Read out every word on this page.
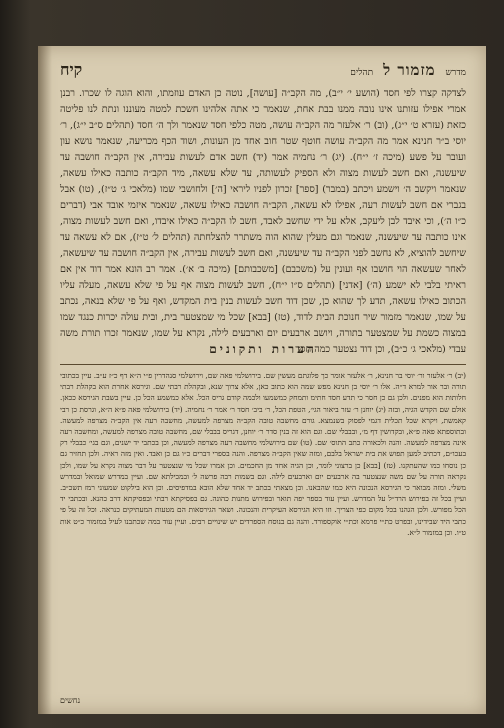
מדרש
מזמור ל
תהלים
קיח
לצדקה קצרו לפי חסד (הושע י׳ י״ב), מה הקב״ה [עושה], נוטה כן האדם עוזמתו, והוא הוגה לו שכרו. רבנן אמרי אפילו עזותנו אינו נובה ממנו בבת אחת, שנאמר כי אתה אלהינו חשכת למטה מעוננו ונתת לנו פליטה כזאת (עזרא ט׳ י״ג), (וב) ר׳ אלעזר מה הקב״ה עושה, מטה כלפי חסד שנאמר ולך ה׳ חסד (תהלים ס״ב י״ג), ר׳ יוסי ב״ר חנינא אמר מה הקב״ה עושה חוטף שטר חוב אחד מן העונות, ושוד הכף מכריעה, שנאמר נושא עון ועובר על פשע (מיכה ז׳ י״ח). (יג) ר׳ נחמיה אמר (יד) חשב אדם לעשות עבירה, אין הקב״ה חושבה עד שיעשנה, ואם חשב לעשות מצוה ולא הספיק לעשותה, עד שלא עשאה, מיד הקב״ה כותבה כאילו עשאה, שנאמר ויקשב ה׳ וישמע ויכתב (במבר) [ספר] זכרון לפניו ליראי [ה׳] ולחושבי שמו (מלאכי ג׳ ט״ז), (טו) אבל בגברי אם חשב לעשות רעה, אפילו לא עשאה, הקב״ה חושבה כאילו עשאה, שנאמר איזמי אובד אבי (דברים כ״ו ה׳), וכי איבד לבן ליעקב, אלא על ידי שחשב לאבד, חשב לו הקב״ה כאילו איבדו, ואם חשב לעשות מצוה, אינו כותבה עד שיעשנה, שנאמר וגם מעלין שהוא הוה משתרר להצלחתה (תהלים ל׳ ט״ז), אם לא עשאה עד שיחשב להוציא, לא נחשב לפני הקב״ה עד שיעשנה, ואם חשב לעשות עבירה, אין הקב״ה חושבה עד שיעשאה, לאחר שעשאה הוי חושבו אף ועונין על (משכבם) [משכבותם] (מיכה ב׳ א׳). אמר רב הונא אמר דוד אין אם ראיתי בלבי לא ישמע (ה׳) [אדני] (תהלים ס״ו י״ח), חשב לעשות מצוה אף על פי שלא עשאה, מעלה עליו הכתוב כאילו עשאה, תדע לך שהוא כן, שכן דוד חשב לעשות בנין בית המקדש, ואף על פי שלא בנאה, נכתב על שמו, שנאמר מזמור שיר חנוכת הבית לדוד, (טז) [בבא] שכל מי שמצטער בית, ובית עולה יכרות כנגד שמו במצוה כשמת על שמצטער בתורה, ויושב ארבעים יום וארבעים לילה, נקרא על שמו, שנאמר זכרו תורת משה עבדי (מלאכי ג׳ כ״ב), וכן דוד נצטער כמה חסד
הערות ותקונים
(יב) ר׳ אלעזר ור׳ יוסי בר חנינא, ר׳ אלעזר אומר כך פלוגתם מעשין שם. בירושלמי פאה שם, וירושלמי סנהדרין פ״י ה״א דף כ״ז ע״ב. עיין בכתובי תורה ובר אור למרא ד״ה. אלו ר׳ יוסי בן חנינא מפש שמה הוא כתוב כאן, אלא צרוך שנא, ובקהלת רבתי שם. וגירסא אחרת הוא בקהלת רבתי חלותות הוא מפנים. ולכן גם כן חסר כי תדע חסד חתימ ותמחק כמשמעו ולכמה קודם גריס הכל. אלא כמשמע הכל כן. עיין בשבת הגירסא ככאן. אולם שם הקדש הגיה, ובזה (יג) יוחנן ר׳ עזר ביאור הגי׳, הטפת הכל, ר׳ ביב׳ חסד ר׳ אמר ר׳ נחמיה. (יד) בירושלמי פאה פ״א ה״א, וגרסת כן רבי קאמשת, ויקרא שכל תכלית דגמי לפסוק בשנמצא. גורם מחשבה טובה הקב״ה מצרפה למעשה, מחשבה רעה אין הקב״ה מצרפה למעשה. ובתוספתא פאה פ״א, ובקדושין דף מ׳, ובבבלי שם. וגם הוא זה בנין סדר ר׳ יוחנן, דגריס בבבלי שם, מחשבה טובה מצרפה למעשה, ומחשבה רעה אינה מצרפה למעשה. והנה ולכאורה כתב התוס׳ שם. (טו) שם בירושלמי מחשבה רעה מצרפה למעשה, וכן בכתבי יד ישנים, וגם בגי׳ כבבלי רק בעכו״ם, דכתיב למען תפוש את בית ישראל בלבם, ומזה שאין הקב״ה מצרפה. והנה בספרי דברים כ״ו גם כן ואבד. ואין מזה ראיה. ולכן תחזיר גם כן נוסחו כמו שהעתקנו. (טז) [בבא] כן ברצוני לומר, וכן הגיה אחד מן החכמים. וכן אמרו שכל מי שנצטער על דבר מצוה נקרא על שמו, ולכן נקראה תורה על שם משה שנצטער בה ארבעים יום וארבעים לילה. וגם בשמות רבה פרשה ל׳ ובמכילתא שם. ועיין במדרש שמואל ובמדרש משלי. ומזה מבואר כי הגירסא הנכונה היא כמו שהבאנו. וכן מצאתי בכתב יד אחד שלא הובא במדפיסים. וכן הוא בילקוט שמעוני רמז תשכ״ב. ועיין בכל זה בפירוש הרד״ל על המדרש. ועיין עוד בספר יפה תואר ובפירוש מתנות כהונה. גם בפסיקתא רבתי ובפסיקתא דרב כהנא. ובכתבי יד הכל מפורש. ולכן הגהנו בכל מקום כפי הצריך. וזו היא הגירסא העיקרית והנכונה. ושאר הגירסאות הם מטעות המעתיקים כנראה. וכל זה על פי כתבי היד שבידינו, ובפרט כת״י פרמא וכת״י אוקספורד. והנה גם בנוסח הספרדים יש שינויים רבים. ועיין עוד במה שכתבנו לעיל במזמור כ״ט אות ט״ו. וכן במזמור ל״א.
נחשים
